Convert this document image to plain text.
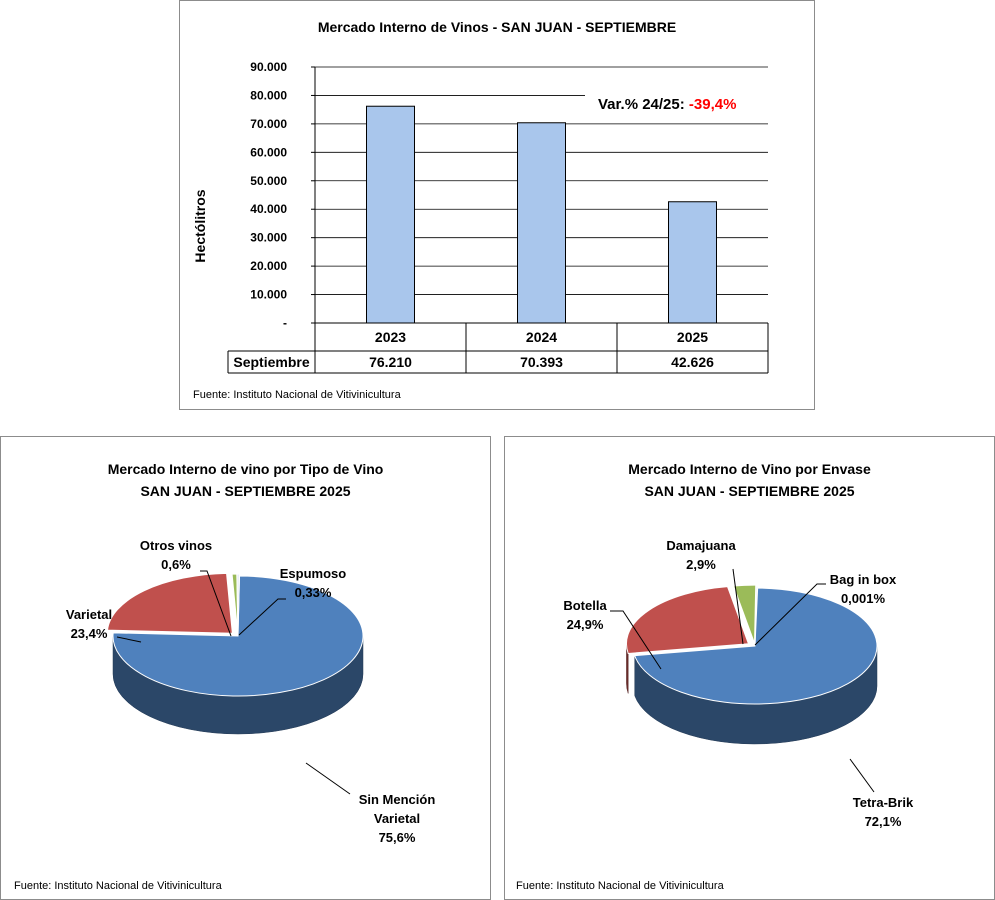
Mercado Interno de Vinos - SAN JUAN - SEPTIEMBRE
-
10.000
20.000
30.000
40.000
50.000
60.000
70.000
80.000
90.000
Hectólitros
2023
76.210
2024
70.393
2025
42.626
Septiembre
Var.% 24/25: -39,4%
Fuente: Instituto Nacional de Vitivinicultura
Mercado Interno de vino por Tipo de Vino
SAN JUAN - SEPTIEMBRE 2025
Sin Mención
Varietal
75,6%
Varietal
23,4%
Otros vinos
0,6%
Espumoso
0,33%
Fuente: Instituto Nacional de Vitivinicultura
Mercado Interno de Vino por Envase
SAN JUAN - SEPTIEMBRE 2025
Tetra-Brik
72,1%
Botella
24,9%
Damajuana
2,9%
Bag in box
0,001%
Fuente: Instituto Nacional de Vitivinicultura
